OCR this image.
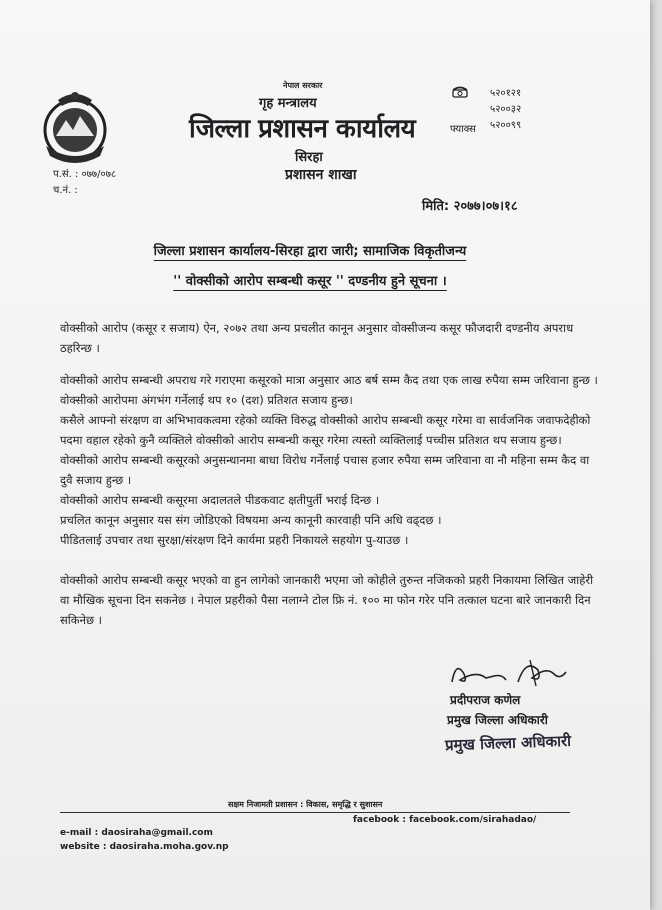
नेपाल सरकार
गृह मन्त्रालय
जिल्ला प्रशासन कार्यालय
सिरहा
प्रशासन शाखा
५२०१२१
५२००३२
५२००९९
फ्याक्स
प.सं. : ०७७/०७८
च.नं. :
मिति: २०७७।०७।१८
जिल्ला प्रशासन कार्यालय-सिरहा द्वारा जारी; सामाजिक विकृतीजन्य
'' वोक्सीको आरोप सम्बन्धी कसूर '' दण्डनीय हुने सूचना ।

वोक्सीको आरोप (कसूर र सजाय) ऐन, २०७२ तथा अन्य प्रचलीत कानून अनुसार वोक्सीजन्य कसूर फौजदारी दण्डनीय अपराध ठहरिन्छ ।

वोक्सीको आरोप सम्बन्धी अपराध गरे गराएमा कसूरको मात्रा अनुसार आठ बर्ष सम्म कैद तथा एक लाख रुपैया सम्म जरिवाना हुन्छ ।

वोक्सीको आरोपमा अंगभंग गर्नेलाई थप १० (दश) प्रतिशत सजाय हुन्छ।

कसैले आफ्नो संरक्षण वा अभिभावकत्वमा रहेको व्यक्ति विरुद्ध वोक्सीको आरोप सम्बन्धी कसूर गरेमा वा सार्वजनिक जवाफदेहीको पदमा वहाल रहेको कुनै व्यक्तिले वोक्सीको आरोप सम्बन्धी कसूर गरेमा त्यस्तो व्यक्तिलाई पच्चीस प्रतिशत थप सजाय हुन्छ।

वोक्सीको आरोप सम्बन्धी कसूरको अनुसन्धानमा बाधा विरोध गर्नेलाई पचास हजार रुपैया सम्म जरिवाना वा नौ महिना सम्म कैद वा दुवै सजाय हुन्छ ।

वोक्सीको आरोप सम्बन्धी कसूरमा अदालतले पीडकवाट क्षतीपुर्ती भराई दिन्छ ।

प्रचलित कानून अनुसार यस संग जोडिएको विषयमा अन्य कानूनी कारवाही पनि अधि वढ्दछ ।

पीडितलाई उपचार तथा सुरक्षा/संरक्षण दिने कार्यमा प्रहरी निकायले सहयोग पु-याउछ ।

वोक्सीको आरोप सम्बन्धी कसूर भएको वा हुन लागेको जानकारी भएमा जो कोहीले तुरुन्त नजिकको प्रहरी निकायमा लिखित जाहेरी वा मौखिक सूचना दिन सकनेछ । नेपाल प्रहरीको पैसा नलाग्ने टोल फ्रि नं. १०० मा फोन गरेर पनि तत्काल घटना बारे जानकारी दिन सकिनेछ ।

प्रदीपराज कणेल
प्रमुख जिल्ला अधिकारी
प्रमुख जिल्ला अधिकारी
सक्षम निजामती प्रशासन : विकास, समृद्धि र सुशासन
facebook : facebook.com/sirahadao/
e-mail : daosiraha@gmail.com
website : daosiraha.moha.gov.np
